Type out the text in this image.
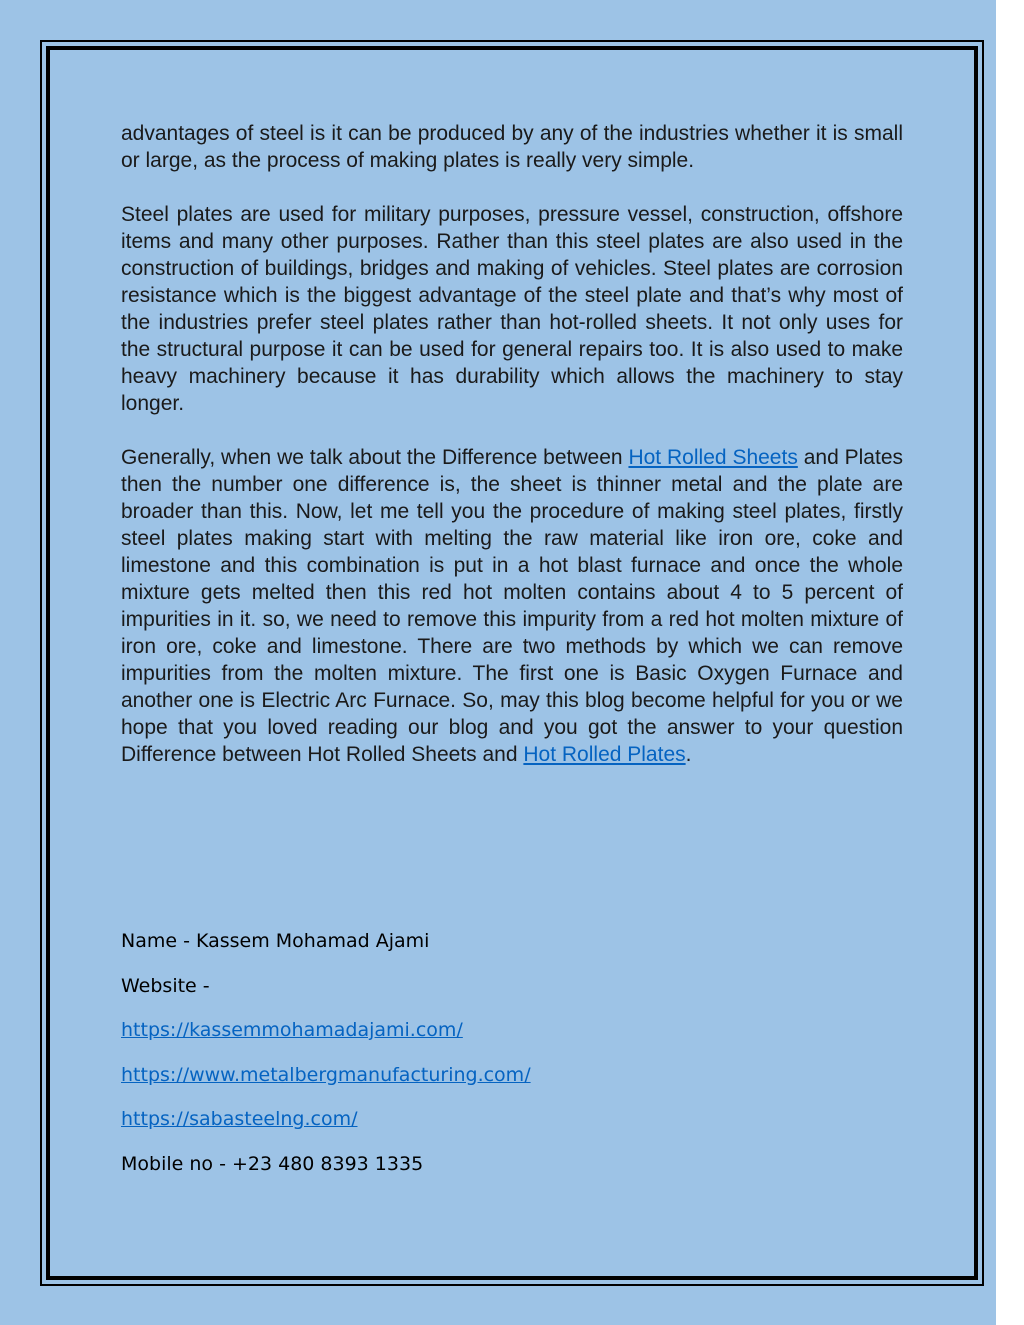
advantages of steel is it can be produced by any of the industries whether it is small or large, as the process of making plates is really very simple.

Steel plates are used for military purposes, pressure vessel, construction, offshore items and many other purposes. Rather than this steel plates are also used in the construction of buildings, bridges and making of vehicles. Steel plates are corrosion resistance which is the biggest advantage of the steel plate and that’s why most of the industries prefer steel plates rather than hot-rolled sheets. It not only uses for the structural purpose it can be used for general repairs too. It is also used to make heavy machinery because it has durability which allows the machinery to stay longer.

Generally, when we talk about the Difference between Hot Rolled Sheets and Plates then the number one difference is, the sheet is thinner metal and the plate are broader than this. Now, let me tell you the procedure of making steel plates, firstly steel plates making start with melting the raw material like iron ore, coke and limestone and this combination is put in a hot blast furnace and once the whole mixture gets melted then this red hot molten contains about 4 to 5 percent of impurities in it. so, we need to remove this impurity from a red hot molten mixture of iron ore, coke and limestone. There are two methods by which we can remove impurities from the molten mixture. The first one is Basic Oxygen Furnace and another one is Electric Arc Furnace. So, may this blog become helpful for you or we hope that you loved reading our blog and you got the answer to your question Difference between Hot Rolled Sheets and Hot Rolled Plates.

Name - Kassem Mohamad Ajami
Website -
https://kassemmohamadajami.com/
https://www.metalbergmanufacturing.com/
https://sabasteelng.com/
Mobile no - +23 480 8393 1335
